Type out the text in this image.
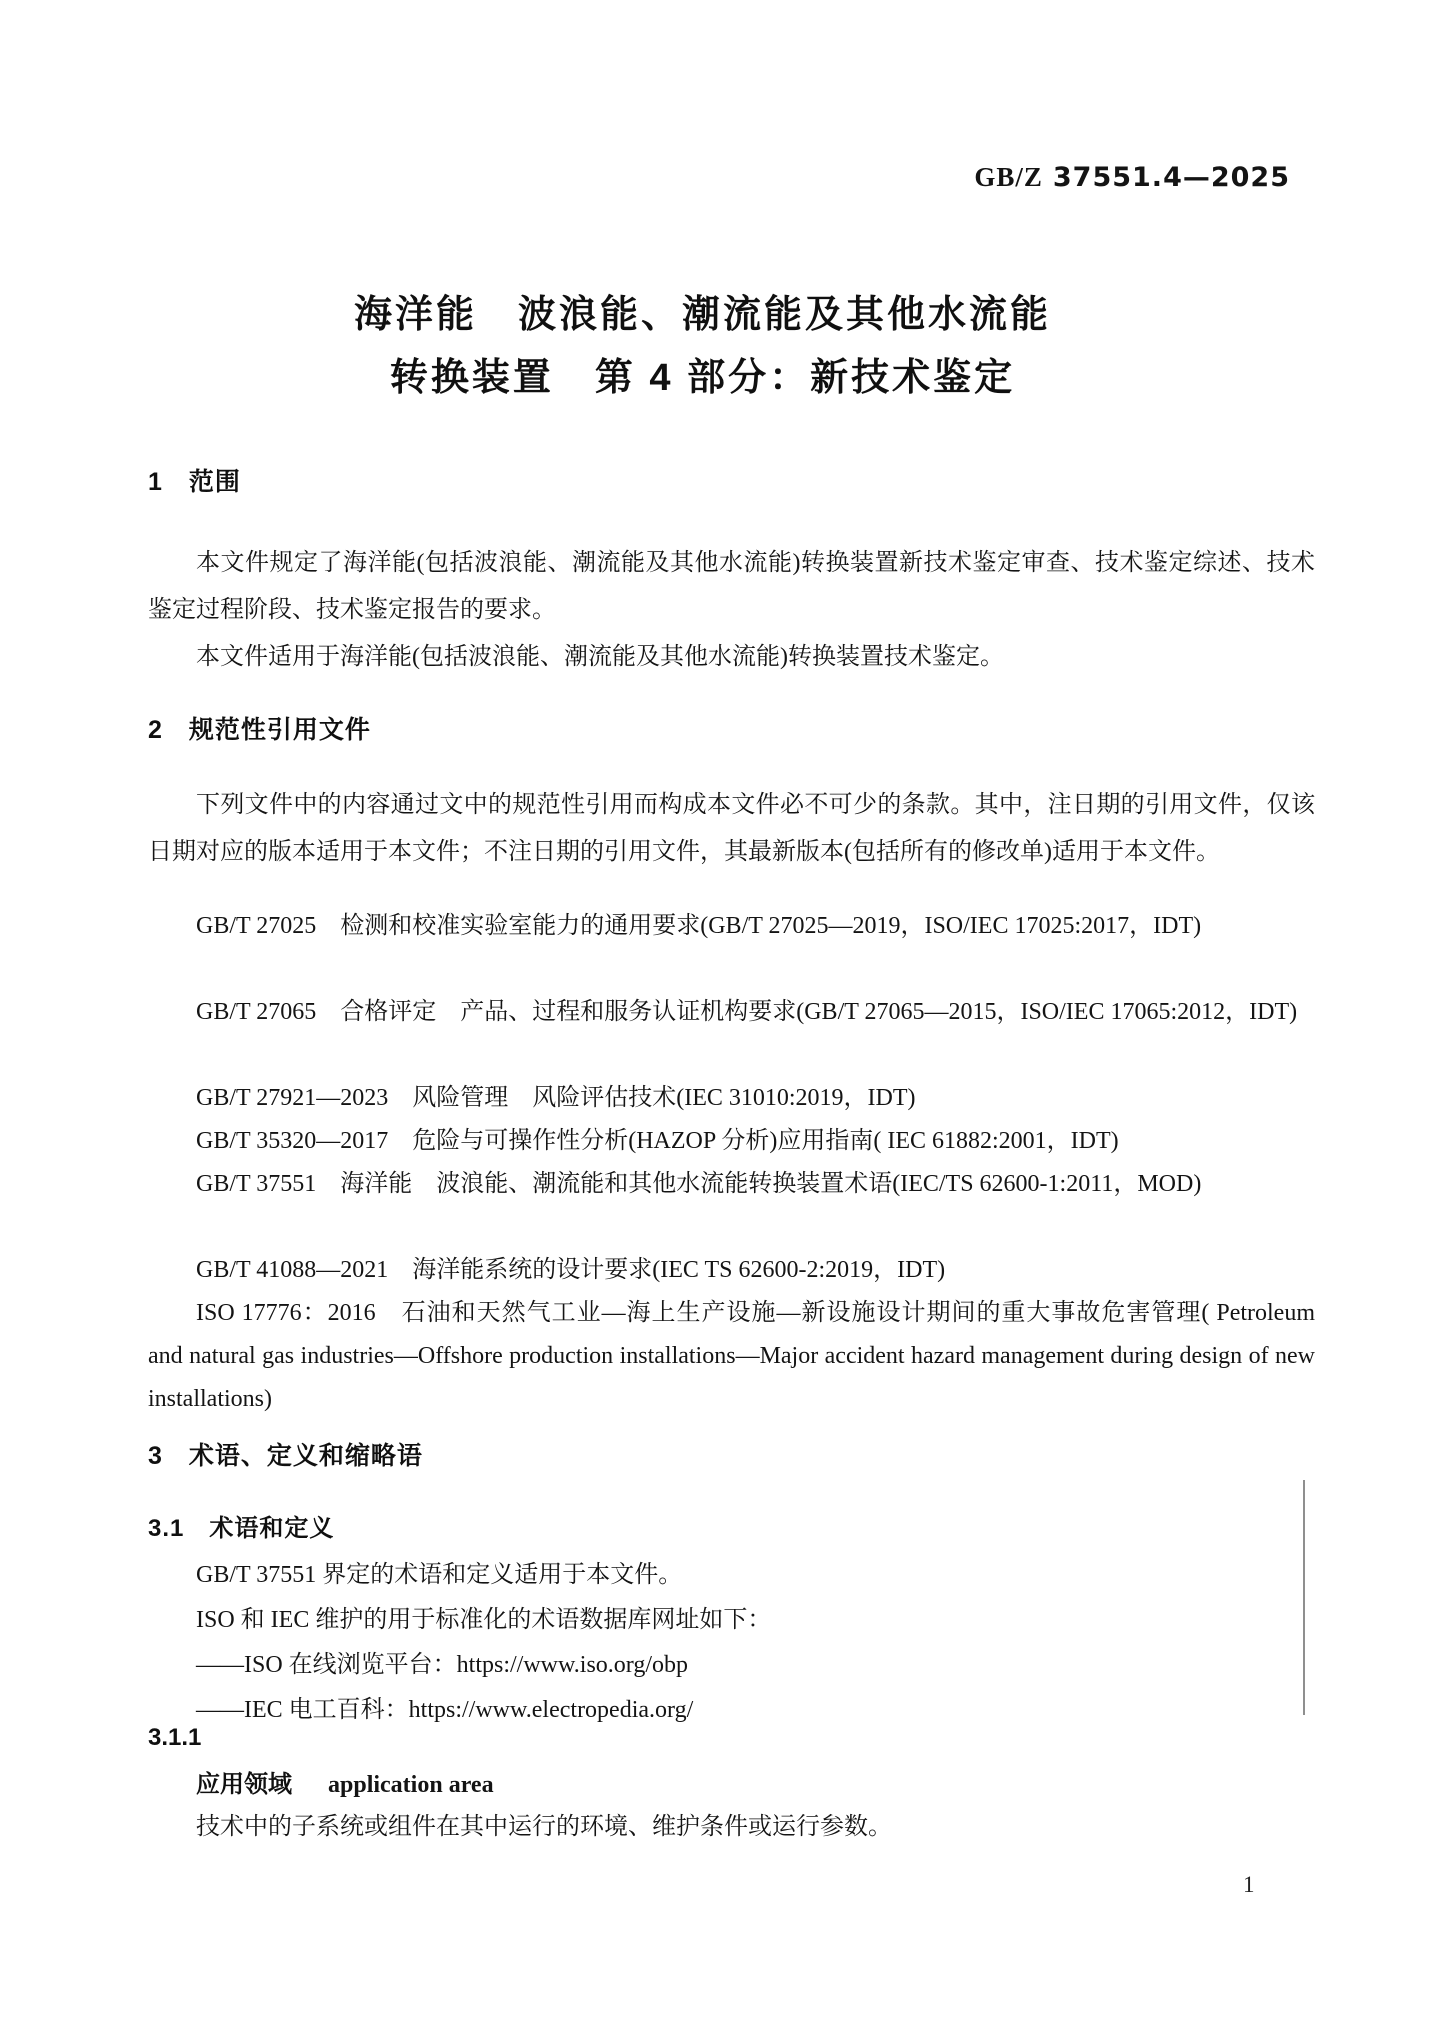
GB/Z 37551.4—2025
海洋能　波浪能、潮流能及其他水流能
转换装置　第 4 部分：新技术鉴定
1　范围

本文件规定了海洋能(包括波浪能、潮流能及其他水流能)转换装置新技术鉴定审查、技术鉴定综述、技术鉴定过程阶段、技术鉴定报告的要求。

本文件适用于海洋能(包括波浪能、潮流能及其他水流能)转换装置技术鉴定。

2　规范性引用文件

下列文件中的内容通过文中的规范性引用而构成本文件必不可少的条款。其中，注日期的引用文件，仅该日期对应的版本适用于本文件；不注日期的引用文件，其最新版本(包括所有的修改单)适用于本文件。

GB/T 27025　检测和校准实验室能力的通用要求(GB/T 27025—2019，ISO/IEC 17025:2017，IDT)

GB/T 27065　合格评定　产品、过程和服务认证机构要求(GB/T 27065—2015，ISO/IEC 17065:2012，IDT)

GB/T 27921—2023　风险管理　风险评估技术(IEC 31010:2019，IDT)

GB/T 35320—2017　危险与可操作性分析(HAZOP 分析)应用指南( IEC 61882:2001，IDT)

GB/T 37551　海洋能　波浪能、潮流能和其他水流能转换装置术语(IEC/TS 62600-1:2011，MOD)

GB/T 41088—2021　海洋能系统的设计要求(IEC TS 62600-2:2019，IDT)

ISO 17776：2016　石油和天然气工业—海上生产设施—新设施设计期间的重大事故危害管理( Petroleum and natural gas industries—Offshore production installations—Major accident hazard management during design of new installations)

3　术语、定义和缩略语
3.1　术语和定义

GB/T 37551 界定的术语和定义适用于本文件。

ISO 和 IEC 维护的用于标准化的术语数据库网址如下：

——ISO 在线浏览平台：https://www.iso.org/obp

——IEC 电工百科：https://www.electropedia.org/

3.1.1

应用领域 application area

技术中的子系统或组件在其中运行的环境、维护条件或运行参数。

1
